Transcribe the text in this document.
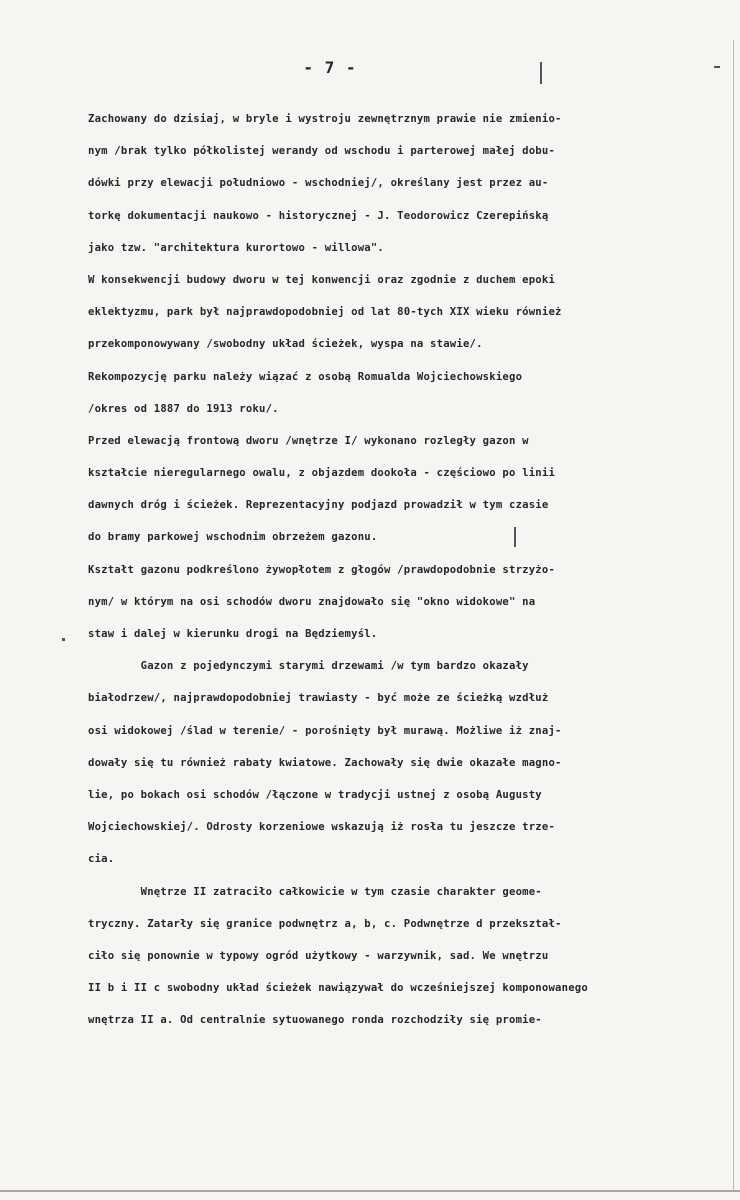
- 7 -
Zachowany do dzisiaj, w bryle i wystroju zewnętrznym prawie nie zmienio-
nym /brak tylko półkolistej werandy od wschodu i parterowej małej dobu-
dówki przy elewacji południowo - wschodniej/, określany jest przez au-
torkę dokumentacji naukowo - historycznej - J. Teodorowicz Czerepińską
jako tzw. "architektura kurortowo - willowa".
W konsekwencji budowy dworu w tej konwencji oraz zgodnie z duchem epoki
eklektyzmu, park był najprawdopodobniej od lat 80-tych XIX wieku również
przekomponowywany /swobodny układ ścieżek, wyspa na stawie/.
Rekompozycję parku należy wiązać z osobą Romualda Wojciechowskiego
/okres od 1887 do 1913 roku/.
Przed elewacją frontową dworu /wnętrze I/ wykonano rozległy gazon w
kształcie nieregularnego owalu, z objazdem dookoła - częściowo po linii
dawnych dróg i ścieżek. Reprezentacyjny podjazd prowadził w tym czasie
do bramy parkowej wschodnim obrzeżem gazonu.
Kształt gazonu podkreślono żywopłotem z głogów /prawdopodobnie strzyżo-
nym/ w którym na osi schodów dworu znajdowało się "okno widokowe" na
staw i dalej w kierunku drogi na Będziemyśl.
Gazon z pojedynczymi starymi drzewami /w tym bardzo okazały
białodrzew/, najprawdopodobniej trawiasty - być może ze ścieżką wzdłuż
osi widokowej /ślad w terenie/ - porośnięty był murawą. Możliwe iż znaj-
dowały się tu również rabaty kwiatowe. Zachowały się dwie okazałe magno-
lie, po bokach osi schodów /łączone w tradycji ustnej z osobą Augusty
Wojciechowskiej/. Odrosty korzeniowe wskazują iż rosła tu jeszcze trze-
cia.
Wnętrze II zatraciło całkowicie w tym czasie charakter geome-
tryczny. Zatarły się granice podwnętrz a, b, c. Podwnętrze d przekształ-
ciło się ponownie w typowy ogród użytkowy - warzywnik, sad. We wnętrzu
II b i II c swobodny układ ścieżek nawiązywał do wcześniejszej komponowanego
wnętrza II a. Od centralnie sytuowanego ronda rozchodziły się promie-
